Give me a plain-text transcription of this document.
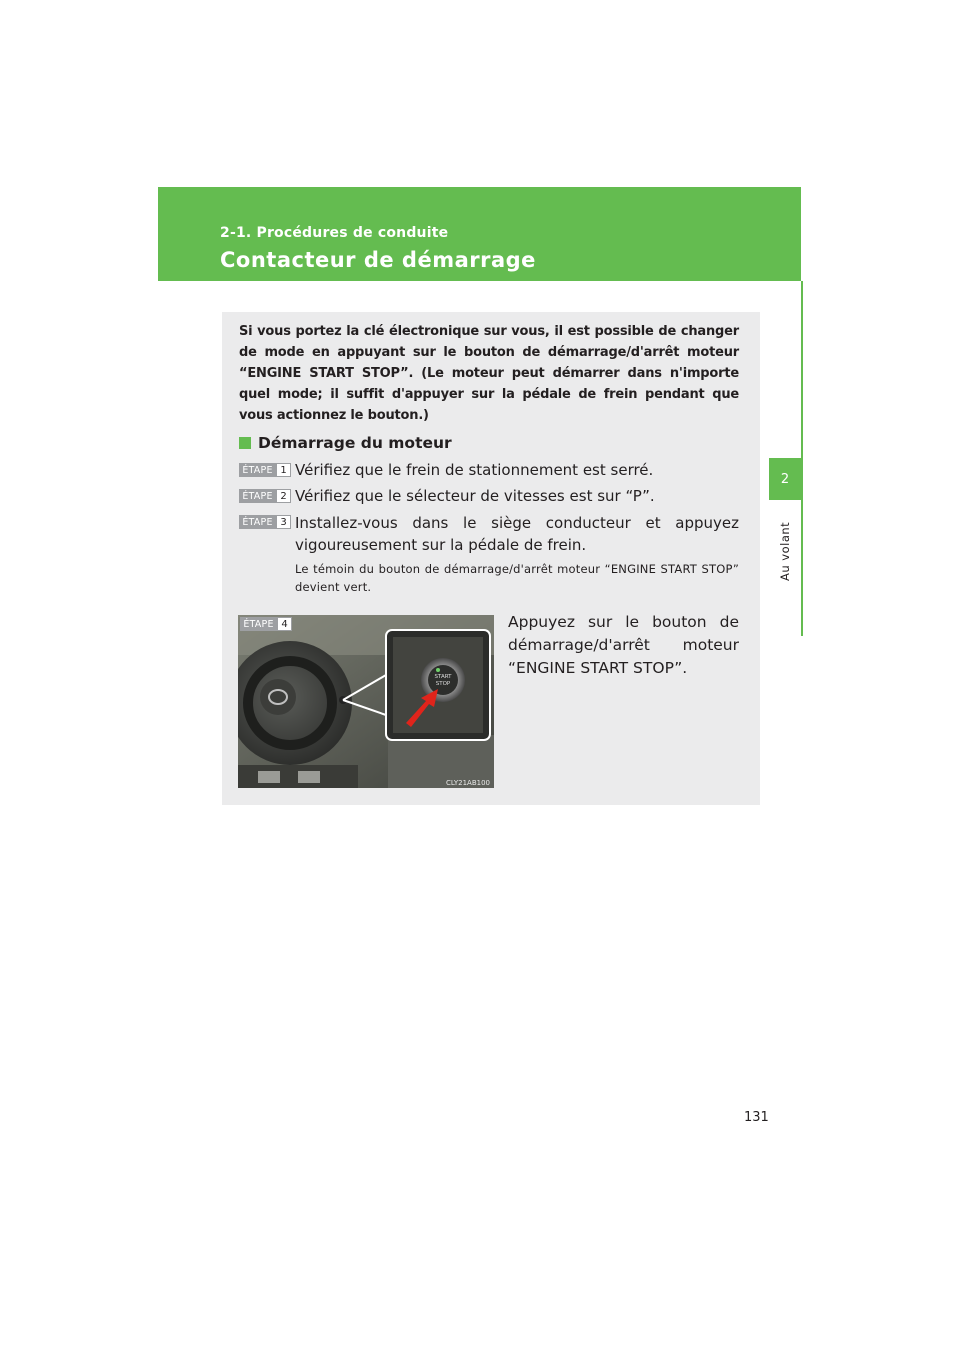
2-1. Procédures de conduite
Contacteur de démarrage
2
Au volant
Si vous portez la clé électronique sur vous, il est possible de changer de mode en appuyant sur le bouton de démarrage/d'arrêt moteur “ENGINE START STOP”. (Le moteur peut démarrer dans n'importe quel mode; il suffit d'appuyer sur la pédale de frein pendant que vous actionnez le bouton.)
Démarrage du moteur
ÉTAPE 1 Vérifiez que le frein de stationnement est serré.
ÉTAPE 2 Vérifiez que le sélecteur de vitesses est sur “P”.
ÉTAPE 3 Installez-vous dans le siège conducteur et appuyez vigoureusement sur la pédale de frein.
Le témoin du bouton de démarrage/d'arrêt moteur “ENGINE START STOP” devient vert.
START
STOP
CLY21AB100
ÉTAPE 4	Appuyez sur le bouton de démarrage/d'arrêt moteur “ENGINE START STOP”.
131
